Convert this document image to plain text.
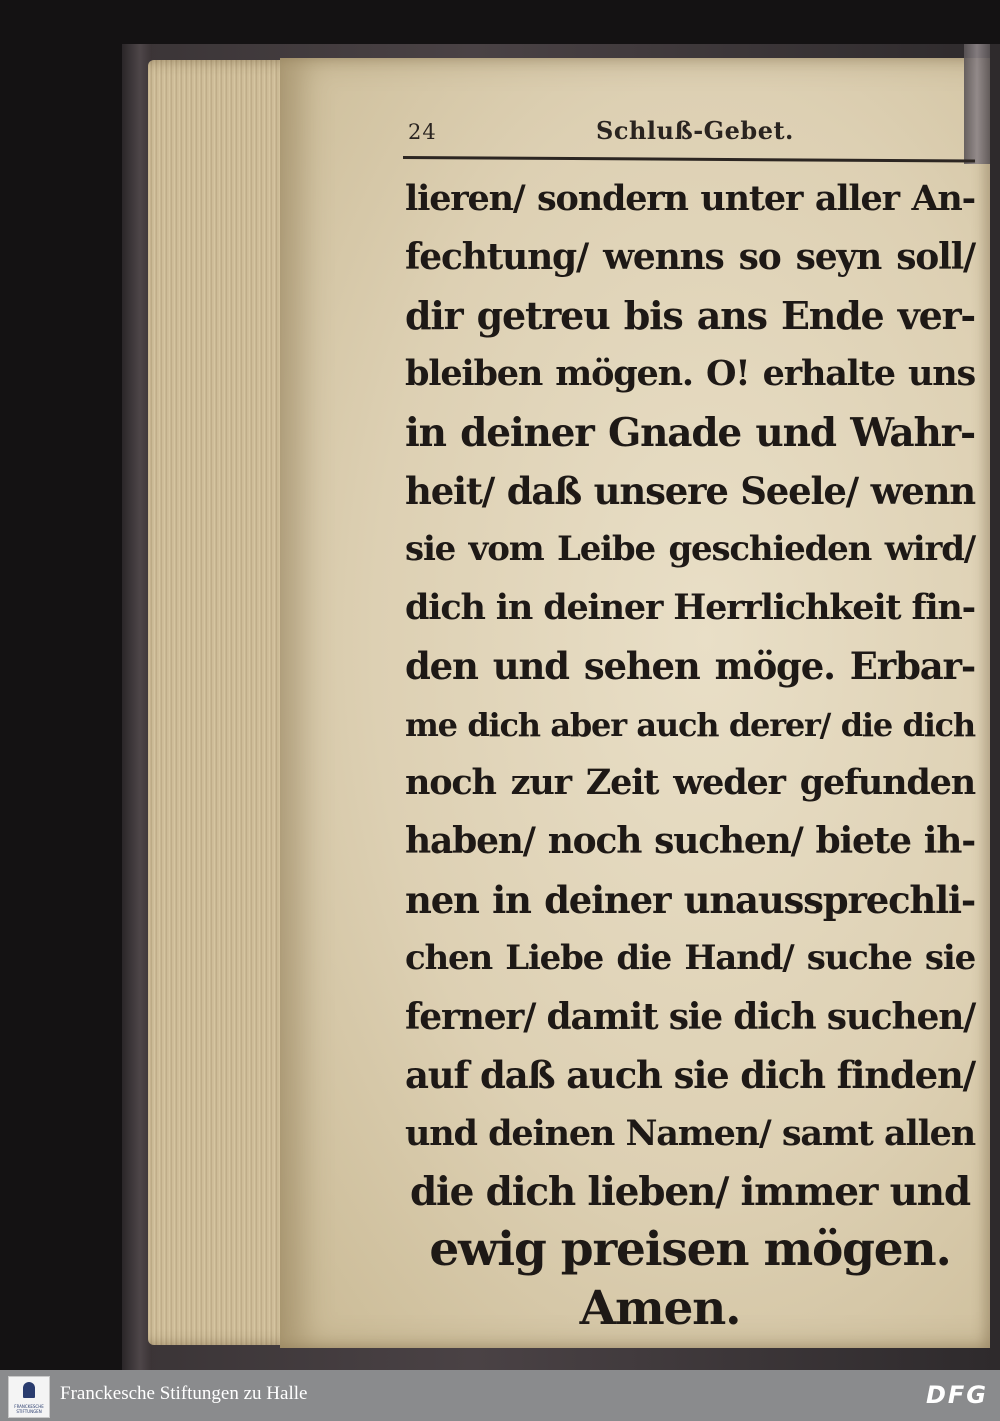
24	Schluß-Gebet.
lieren/ sondern unter aller An-
fechtung/ wenns so seyn soll/
dir getreu bis ans Ende ver-
bleiben mögen. O! erhalte uns
in deiner Gnade und Wahr-
heit/ daß unsere Seele/ wenn
sie vom Leibe geschieden wird/
dich in deiner Herrlichkeit fin-
den und sehen möge. Erbar-
me dich aber auch derer/ die dich
noch zur Zeit weder gefunden
haben/ noch suchen/ biete ih-
nen in deiner unaussprechli-
chen Liebe die Hand/ suche sie
ferner/ damit sie dich suchen/
auf daß auch sie dich finden/
und deinen Namen/ samt allen
die dich lieben/ immer und
ewig preisen mögen.
Amen.
FRANCKESCHE STIFTUNGEN
Franckesche Stiftungen zu Halle	DFG
